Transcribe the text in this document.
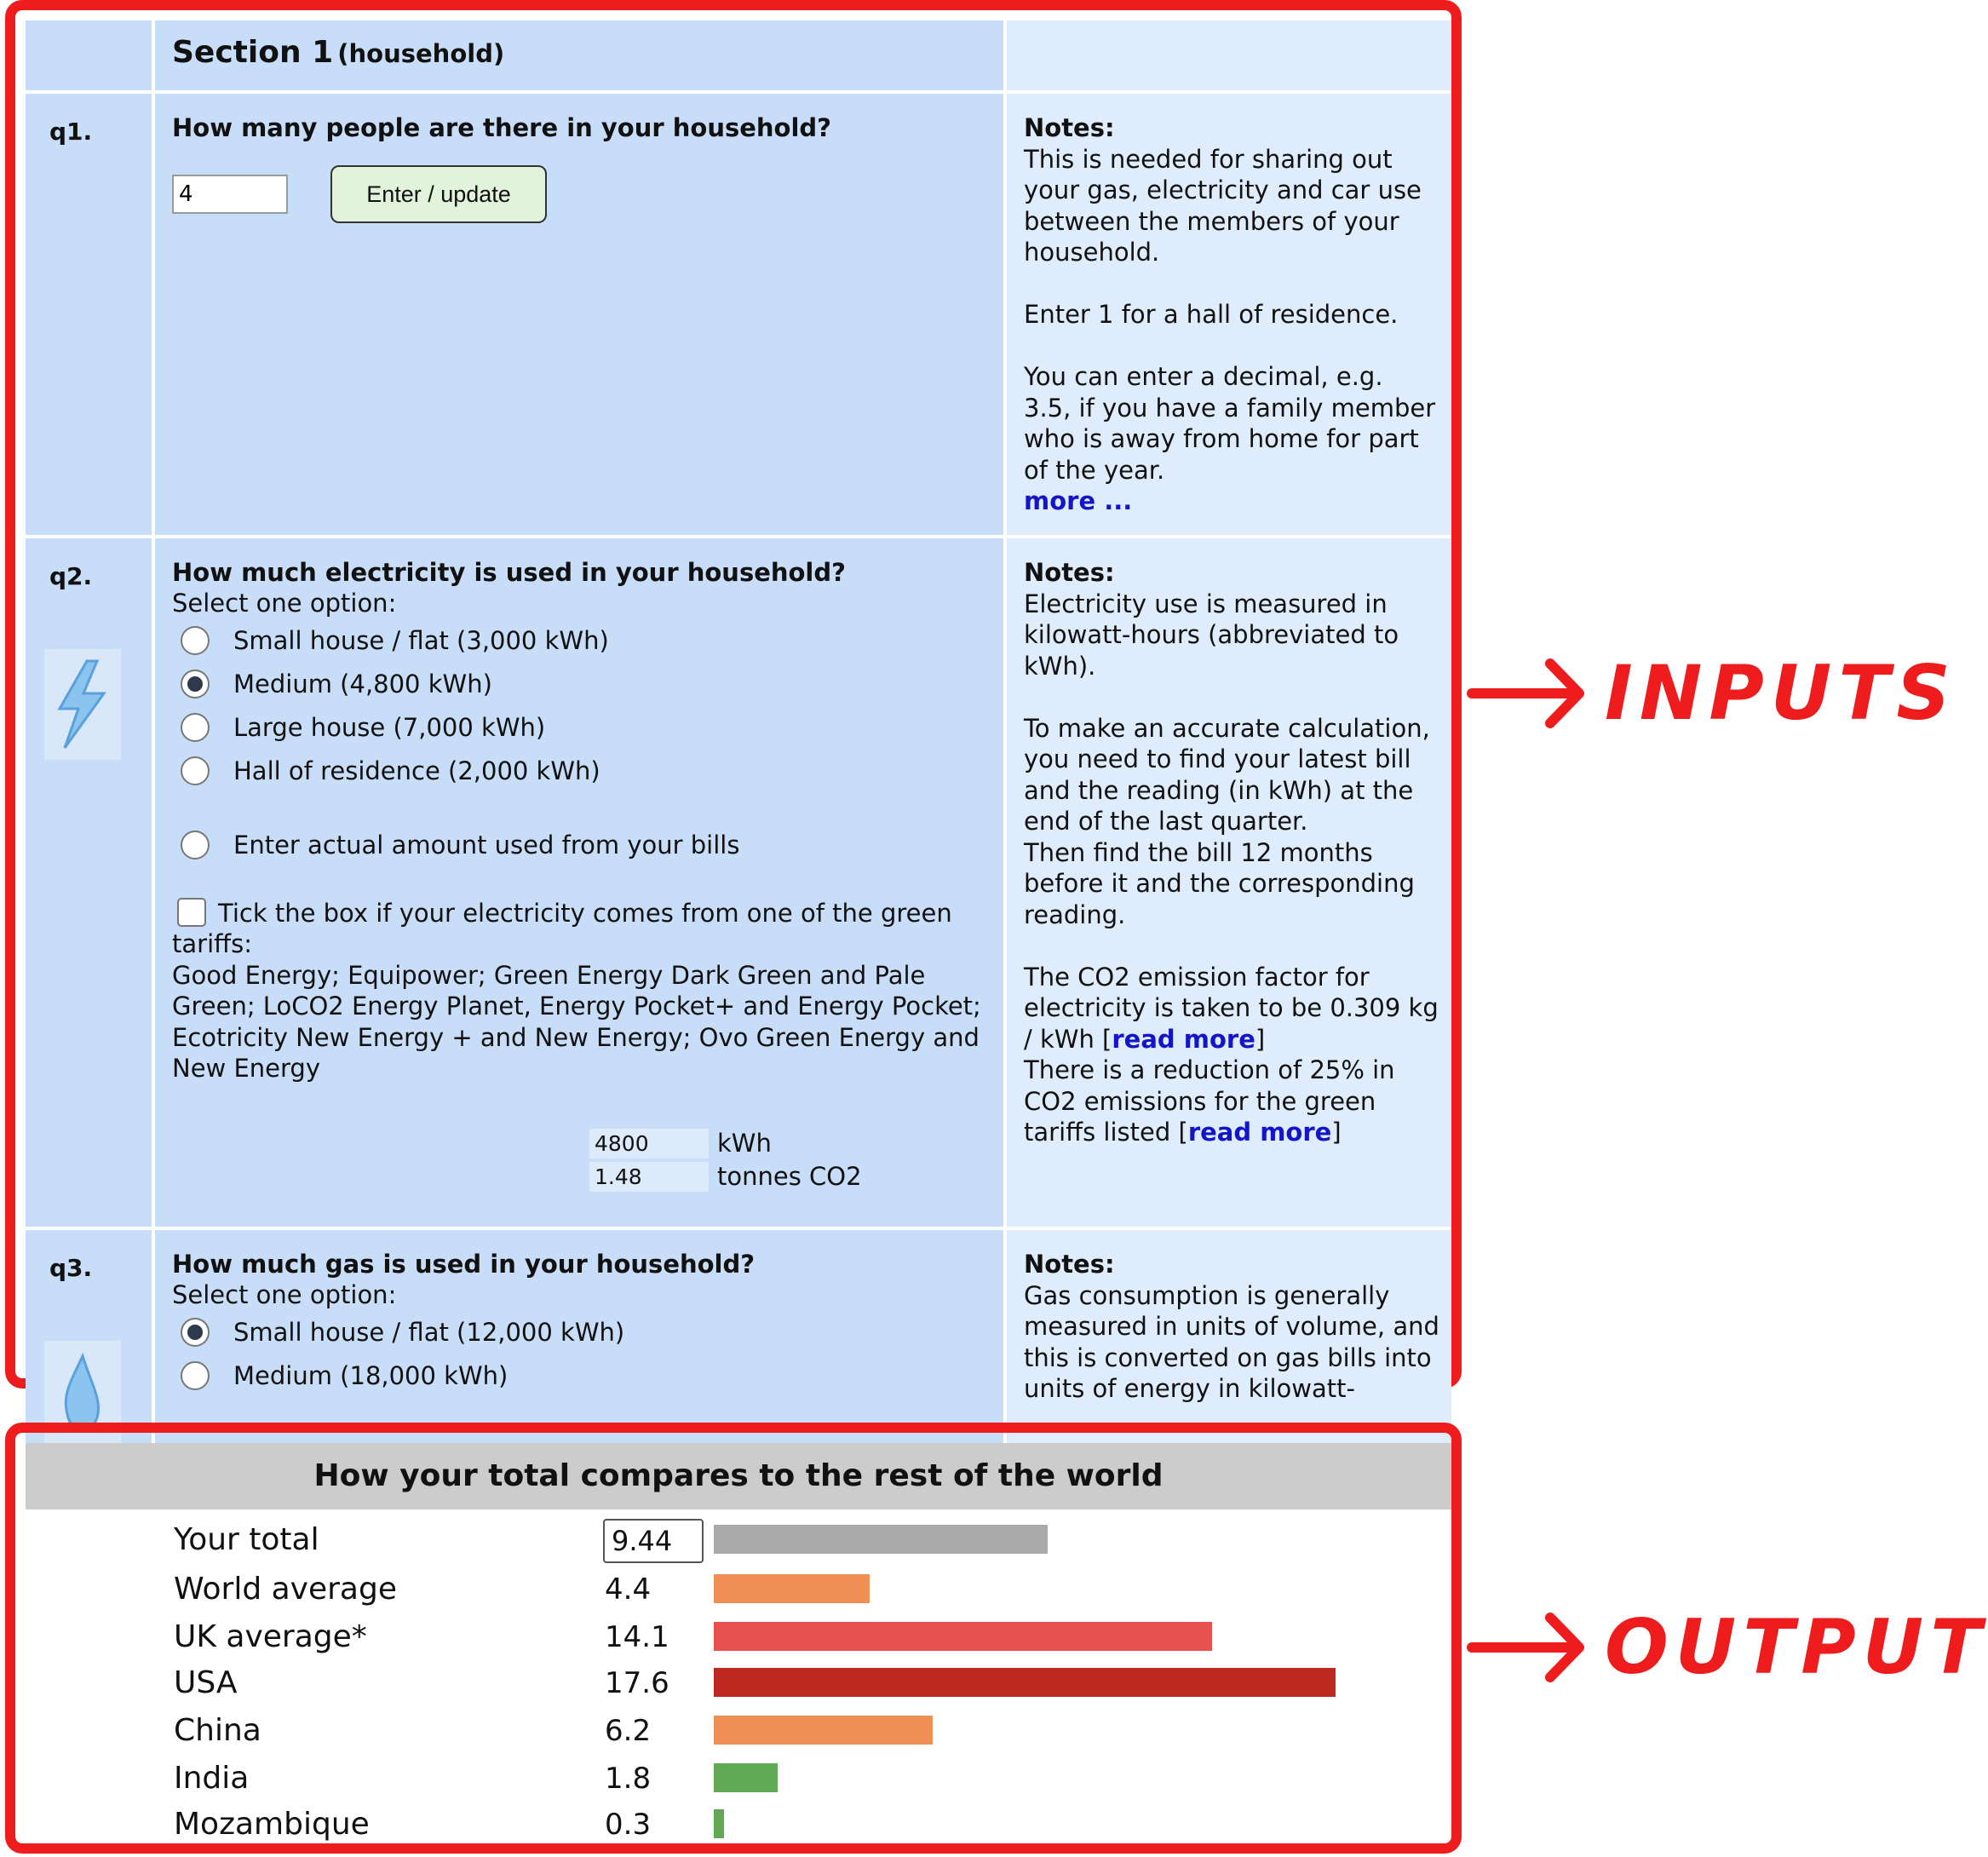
Section 1 (household)
q1.	How many people are there in your household?
4
Enter / update
Notes:
This is needed for sharing out
your gas, electricity and car use
between the members of your
household.
Enter 1 for a hall of residence.
You can enter a decimal, e.g.
3.5, if you have a family member
who is away from home for part
of the year.
more ...
q2.	How much electricity is used in your household?
Select one option:
Small house / flat (3,000 kWh)
Medium (4,800 kWh)
Large house (7,000 kWh)
Hall of residence (2,000 kWh)
Enter actual amount used from your bills
Tick the box if your electricity comes from one of the green
tariffs:
Good Energy; Equipower; Green Energy Dark Green and Pale
Green; LoCO2 Energy Planet, Energy Pocket+ and Energy Pocket;
Ecotricity New Energy + and New Energy; Ovo Green Energy and
New Energy
4800	kWh
1.48	tonnes CO2
Notes:
Electricity use is measured in
kilowatt-hours (abbreviated to
kWh).
To make an accurate calculation,
you need to find your latest bill
and the reading (in kWh) at the
end of the last quarter.
Then find the bill 12 months
before it and the corresponding
reading.
The CO2 emission factor for
electricity is taken to be 0.309 kg
/ kWh [read more]
There is a reduction of 25% in
CO2 emissions for the green
tariffs listed [read more]
q3.	How much gas is used in your household?
Select one option:
Small house / flat (12,000 kWh)
Medium (18,000 kWh)
Notes:
Gas consumption is generally
measured in units of volume, and
this is converted on gas bills into
units of energy in kilowatt-
INPUTS
How your total compares to the rest of the world
Your total	9.44
World average	4.4
UK average*	14.1
USA	17.6
China	6.2
India	1.8
Mozambique	0.3
OUTPUT
